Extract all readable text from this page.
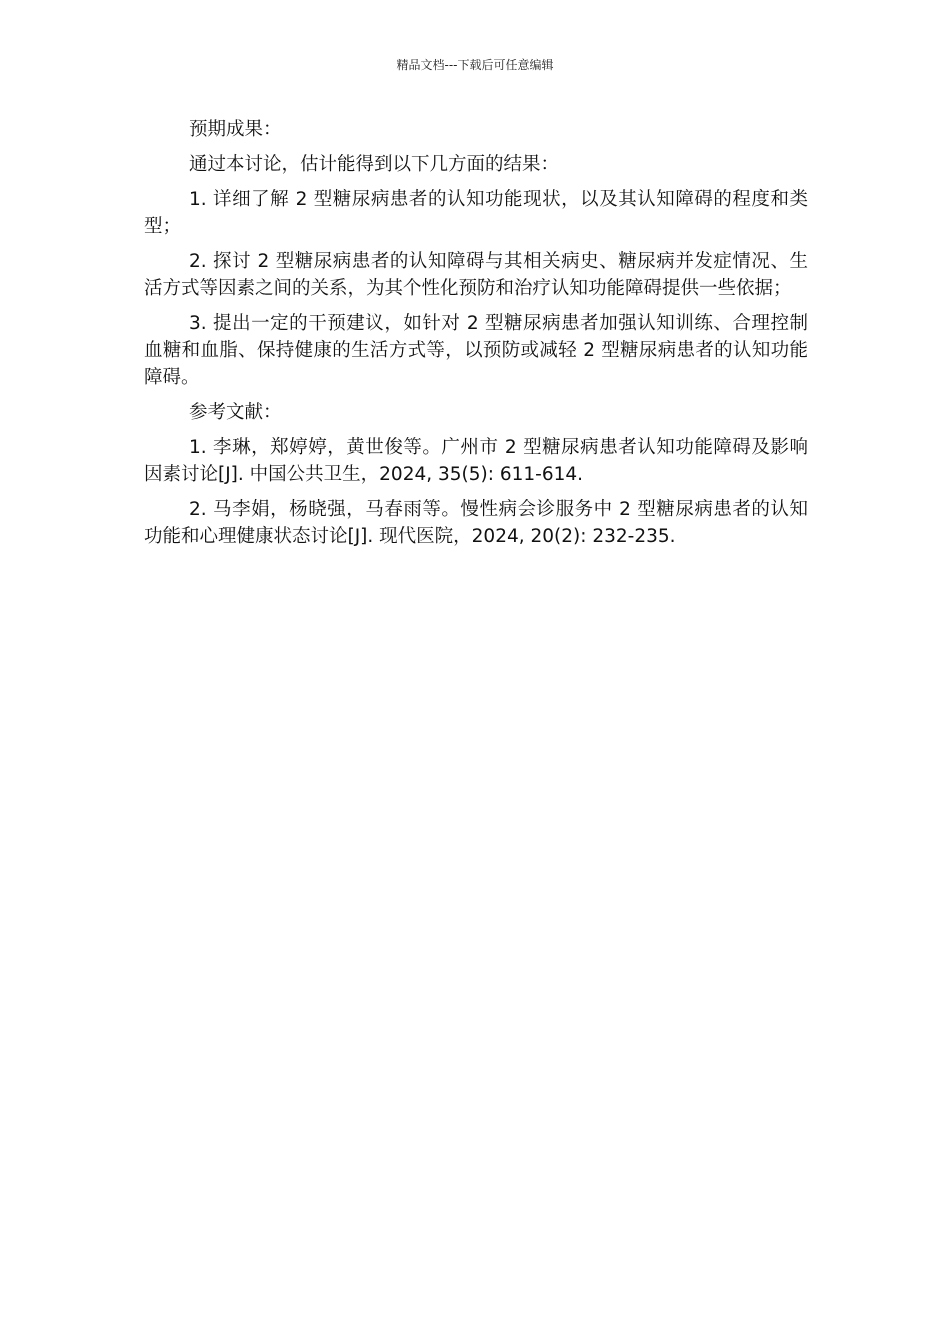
精品文档---下载后可任意编辑

预期成果：

通过本讨论，估计能得到以下几方面的结果：

1. 详细了解 2 型糖尿病患者的认知功能现状，以及其认知障碍的程度和类型；

2. 探讨 2 型糖尿病患者的认知障碍与其相关病史、糖尿病并发症情况、生活方式等因素之间的关系，为其个性化预防和治疗认知功能障碍提供一些依据；

3. 提出一定的干预建议，如针对 2 型糖尿病患者加强认知训练、合理控制血糖和血脂、保持健康的生活方式等，以预防或减轻 2 型糖尿病患者的认知功能障碍。

参考文献：

1. 李琳，郑婷婷，黄世俊等。广州市 2 型糖尿病患者认知功能障碍及影响因素讨论[J]. 中国公共卫生，2024, 35(5): 611-614.

2. 马李娟，杨晓强，马春雨等。慢性病会诊服务中 2 型糖尿病患者的认知功能和心理健康状态讨论[J]. 现代医院，2024, 20(2): 232-235.
